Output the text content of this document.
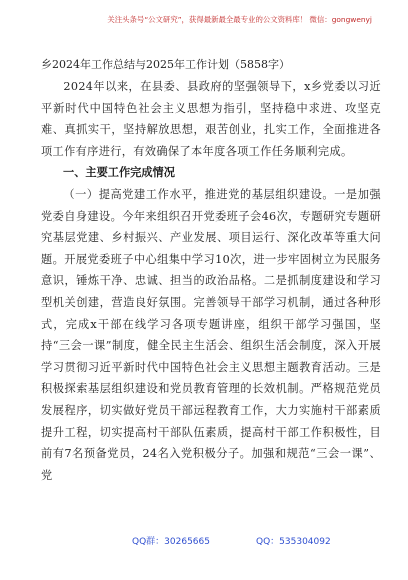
关注头条号“公文研究”，获得最新最全最专业的公文资料库！ 微信：gongwenyj
乡2024年工作总结与2025年工作计划（5858字）

2024年以来，在县委、县政府的坚强领导下，x乡党委以习近平新时代中国特色社会主义思想为指引，坚持稳中求进、攻坚克难、真抓实干，坚持解放思想，艰苦创业，扎实工作，全面推进各项工作有序进行，有效确保了本年度各项工作任务顺利完成。

一、主要工作完成情况

（一）提高党建工作水平，推进党的基层组织建设。一是加强党委自身建设。今年来组织召开党委班子会46次，专题研究专题研究基层党建、乡村振兴、产业发展、项目运行、深化改革等重大问题。开展党委班子中心组集中学习10次，进一步牢固树立为民服务意识，锤炼干净、忠诚、担当的政治品格。二是抓制度建设和学习型机关创建，营造良好氛围。完善领导干部学习机制，通过各种形式，完成x干部在线学习各项专题讲座，组织干部学习强国，坚持“三会一课”制度，健全民主生活会、组织生活会制度，深入开展学习贯彻习近平新时代中国特色社会主义思想主题教育活动。三是积极探索基层组织建设和党员教育管理的长效机制。严格规范党员发展程序，切实做好党员干部远程教育工作，大力实施村干部素质提升工程，切实提高村干部队伍素质，提高村干部工作积极性，目前有7名预备党员，24名入党积极分子。加强和规范“三会一课”、党

QQ群：30265665	QQ：535304092
